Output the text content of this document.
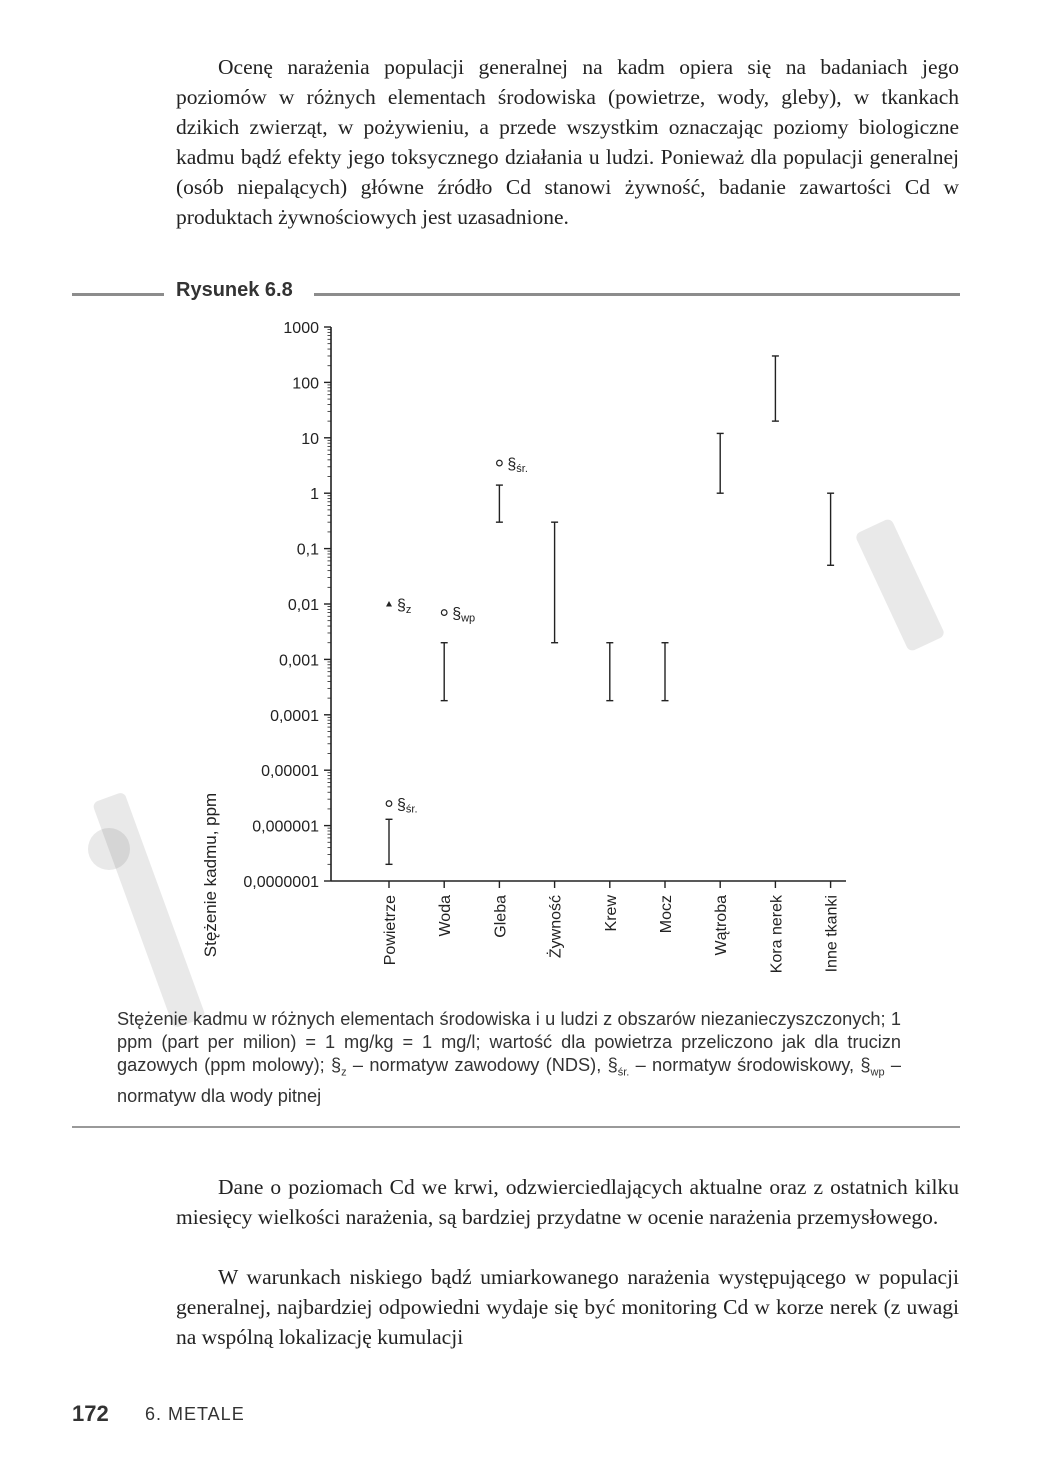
Ocenę narażenia populacji generalnej na kadm opiera się na badaniach jego poziomów w różnych elementach środowiska (powietrze, wody, gleby), w tkankach dzikich zwierząt, w pożywieniu, a przede wszystkim oznaczając poziomy biologiczne kadmu bądź efekty jego toksycznego działania u ludzi. Ponieważ dla populacji generalnej (osób niepalących) główne źródło Cd stanowi żywność, badanie zawartości Cd w produktach żywnościowych jest uzasadnione.

Rysunek 6.8
1000
100
10
1
0,1
0,01
0,001
0,0001
0,00001
0,000001
0,0000001
Powietrze Woda Gleba Żywność Krew Mocz Wątroba Kora nerek Inne tkanki
§z
§śr.
§wp
§śr.
Stężenie kadmu, ppm
Stężenie kadmu w różnych elementach środowiska i u ludzi z obszarów niezanieczyszczonych; 1 ppm (part per milion) = 1 mg/kg = 1 mg/l; wartość dla powietrza przeliczono jak dla trucizn gazowych (ppm molowy); $\S_z$ – normatyw zawodowy (NDS), $\S_{śr.}$ – normatyw środowiskowy, $\S_{wp}$ – normatyw dla wody pitnej

Dane o poziomach Cd we krwi, odzwierciedlających aktualne oraz z ostatnich kilku miesięcy wielkości narażenia, są bardziej przydatne w ocenie narażenia przemysłowego.

W warunkach niskiego bądź umiarkowanego narażenia występującego w populacji generalnej, najbardziej odpowiedni wydaje się być monitoring Cd w korze nerek (z uwagi na wspólną lokalizację kumulacji

172 6. METALE
